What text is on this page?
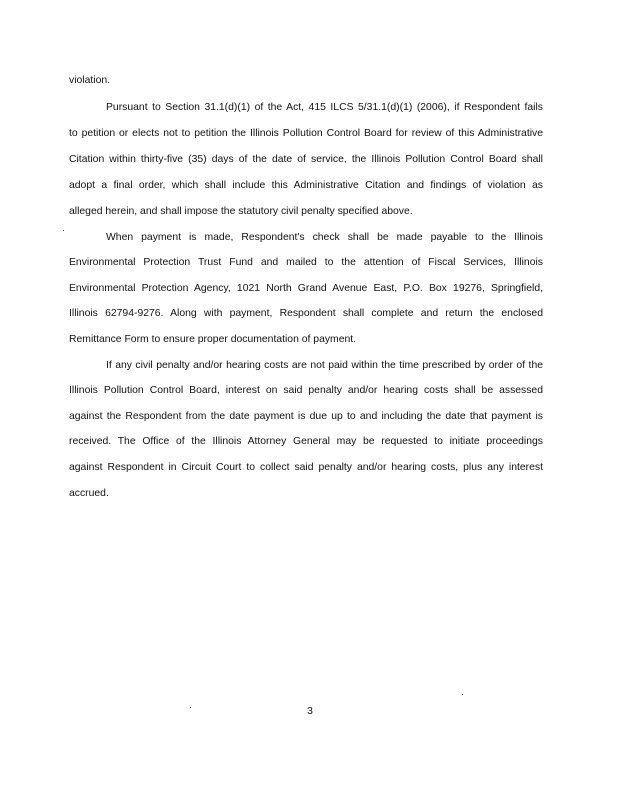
violation.
Pursuant to Section 31.1(d)(1) of the Act, 415 ILCS 5/31.1(d)(1) (2006), if Respondent fails
to petition or elects not to petition the Illinois Pollution Control Board for review of this Administrative
Citation within thirty-five (35) days of the date of service, the Illinois Pollution Control Board shall
adopt a final order, which shall include this Administrative Citation and findings of violation as
alleged herein, and shall impose the statutory civil penalty specified above.
When payment is made, Respondent's check shall be made payable to the Illinois
Environmental Protection Trust Fund and mailed to the attention of Fiscal Services, Illinois
Environmental Protection Agency, 1021 North Grand Avenue East, P.O. Box 19276, Springfield,
Illinois 62794-9276. Along with payment, Respondent shall complete and return the enclosed
Remittance Form to ensure proper documentation of payment.
If any civil penalty and/or hearing costs are not paid within the time prescribed by order of the
Illinois Pollution Control Board, interest on said penalty and/or hearing costs shall be assessed
against the Respondent from the date payment is due up to and including the date that payment is
received. The Office of the Illinois Attorney General may be requested to initiate proceedings
against Respondent in Circuit Court to collect said penalty and/or hearing costs, plus any interest
accrued.
3
